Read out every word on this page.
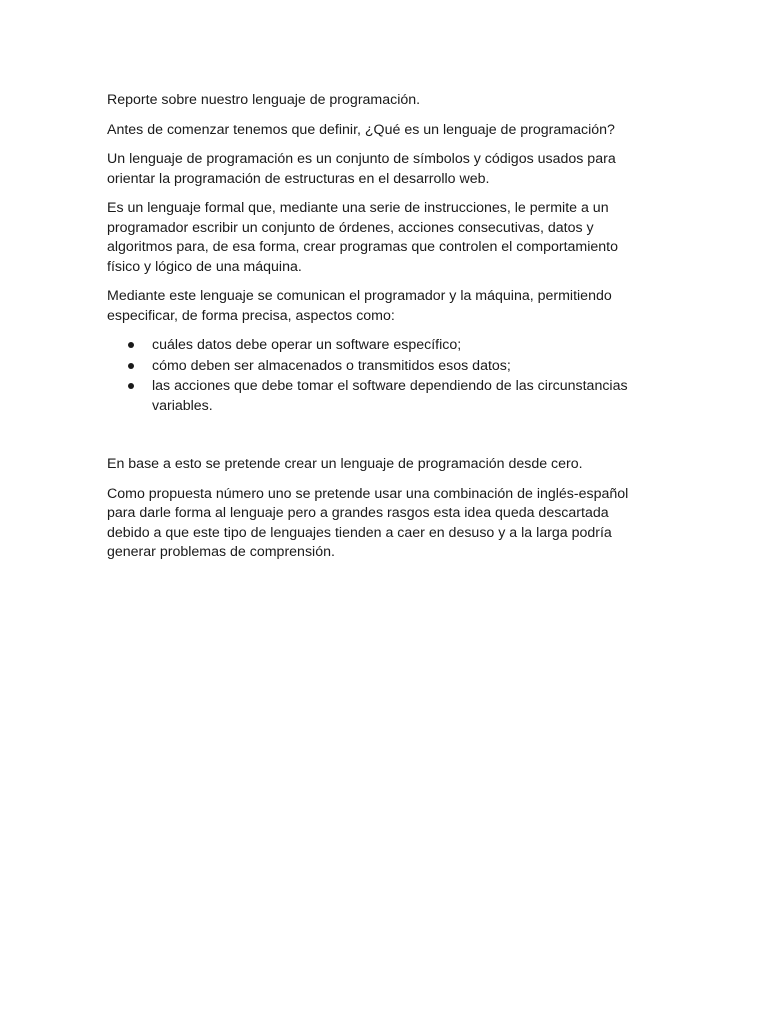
Reporte sobre nuestro lenguaje de programación.

Antes de comenzar tenemos que definir, ¿Qué es un lenguaje de programación?

Un lenguaje de programación es un conjunto de símbolos y códigos usados para
orientar la programación de estructuras en el desarrollo web.

Es un lenguaje formal que, mediante una serie de instrucciones, le permite a un
programador escribir un conjunto de órdenes, acciones consecutivas, datos y
algoritmos para, de esa forma, crear programas que controlen el comportamiento
físico y lógico de una máquina.

Mediante este lenguaje se comunican el programador y la máquina, permitiendo
especificar, de forma precisa, aspectos como:

cuáles datos debe operar un software específico;
cómo deben ser almacenados o transmitidos esos datos;
las acciones que debe tomar el software dependiendo de las circunstancias
variables.

En base a esto se pretende crear un lenguaje de programación desde cero.

Como propuesta número uno se pretende usar una combinación de inglés-español
para darle forma al lenguaje pero a grandes rasgos esta idea queda descartada
debido a que este tipo de lenguajes tienden a caer en desuso y a la larga podría
generar problemas de comprensión.
